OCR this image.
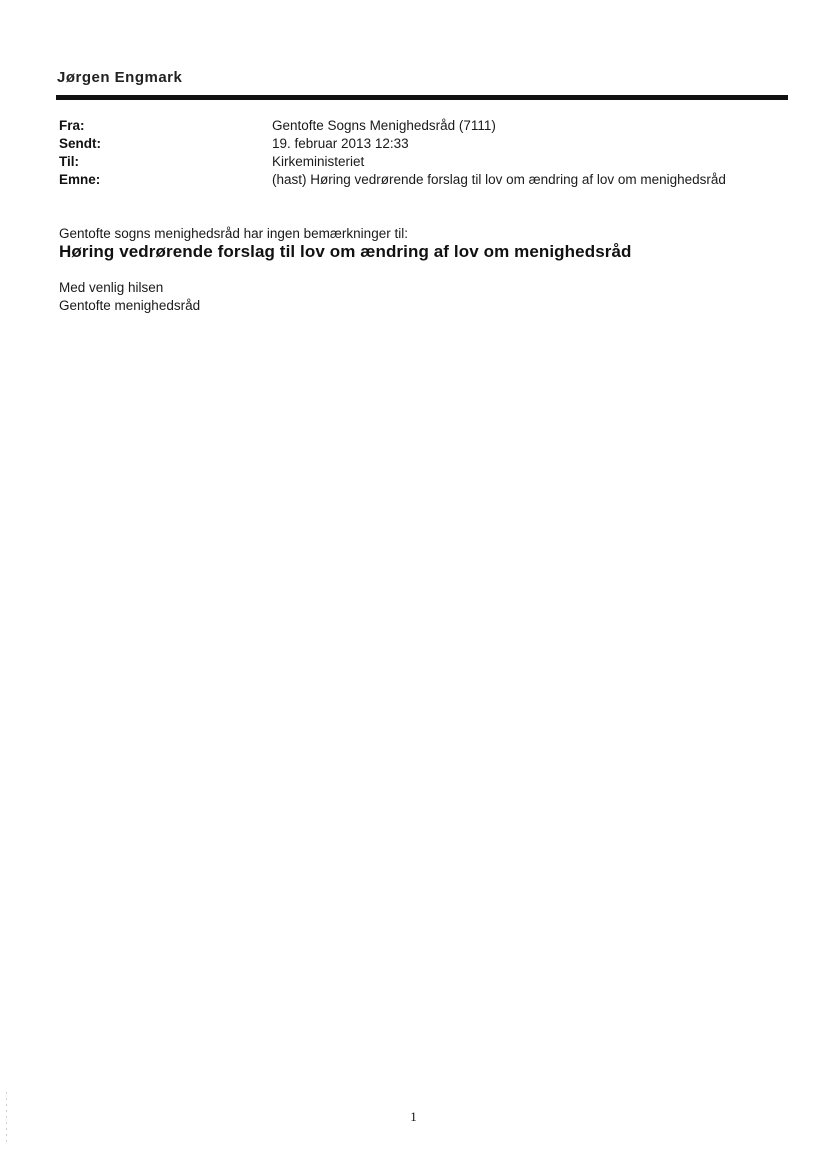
Jørgen Engmark
Fra:	Gentofte Sogns Menighedsråd (7111)
Sendt:	19. februar 2013 12:33
Til:	Kirkeministeriet
Emne:	(hast) Høring vedrørende forslag til lov om ændring af lov om menighedsråd
Gentofte sogns menighedsråd har ingen bemærkninger til:
Høring vedrørende forslag til lov om ændring af lov om menighedsråd
Med venlig hilsen
Gentofte menighedsråd
1
